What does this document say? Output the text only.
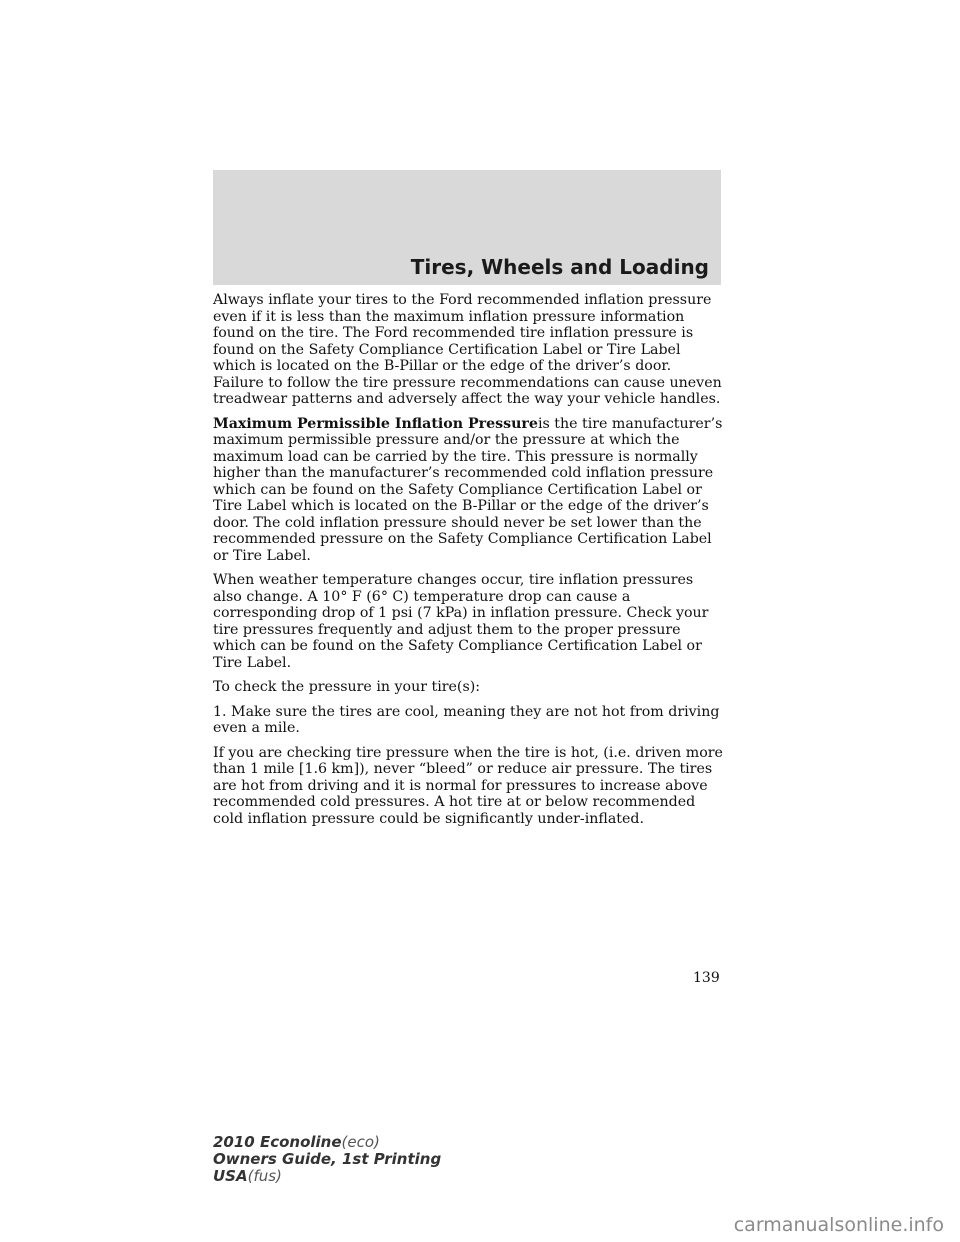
Tires, Wheels and Loading

Always inflate your tires to the Ford recommended inflation pressure even if it is less than the maximum inflation pressure information found on the tire. The Ford recommended tire inflation pressure is found on the Safety Compliance Certification Label or Tire Label which is located on the B-Pillar or the edge of the driver’s door. Failure to follow the tire pressure recommendations can cause uneven treadwear patterns and adversely affect the way your vehicle handles.

Maximum Permissible Inflation Pressureis the tire manufacturer’s maximum permissible pressure and/or the pressure at which the maximum load can be carried by the tire. This pressure is normally higher than the manufacturer’s recommended cold inflation pressure which can be found on the Safety Compliance Certification Label or Tire Label which is located on the B-Pillar or the edge of the driver’s door. The cold inflation pressure should never be set lower than the recommended pressure on the Safety Compliance Certification Label or Tire Label.

When weather temperature changes occur, tire inflation pressures also change. A 10° F (6° C) temperature drop can cause a corresponding drop of 1 psi (7 kPa) in inflation pressure. Check your tire pressures frequently and adjust them to the proper pressure which can be found on the Safety Compliance Certification Label or Tire Label.

To check the pressure in your tire(s):

1. Make sure the tires are cool, meaning they are not hot from driving even a mile.

If you are checking tire pressure when the tire is hot, (i.e. driven more than 1 mile [1.6 km]), never “bleed” or reduce air pressure. The tires are hot from driving and it is normal for pressures to increase above recommended cold pressures. A hot tire at or below recommended cold inflation pressure could be significantly under-inflated.

139
2010 Econoline(eco)
Owners Guide, 1st Printing
USA(fus)
carmanualsonline.info
